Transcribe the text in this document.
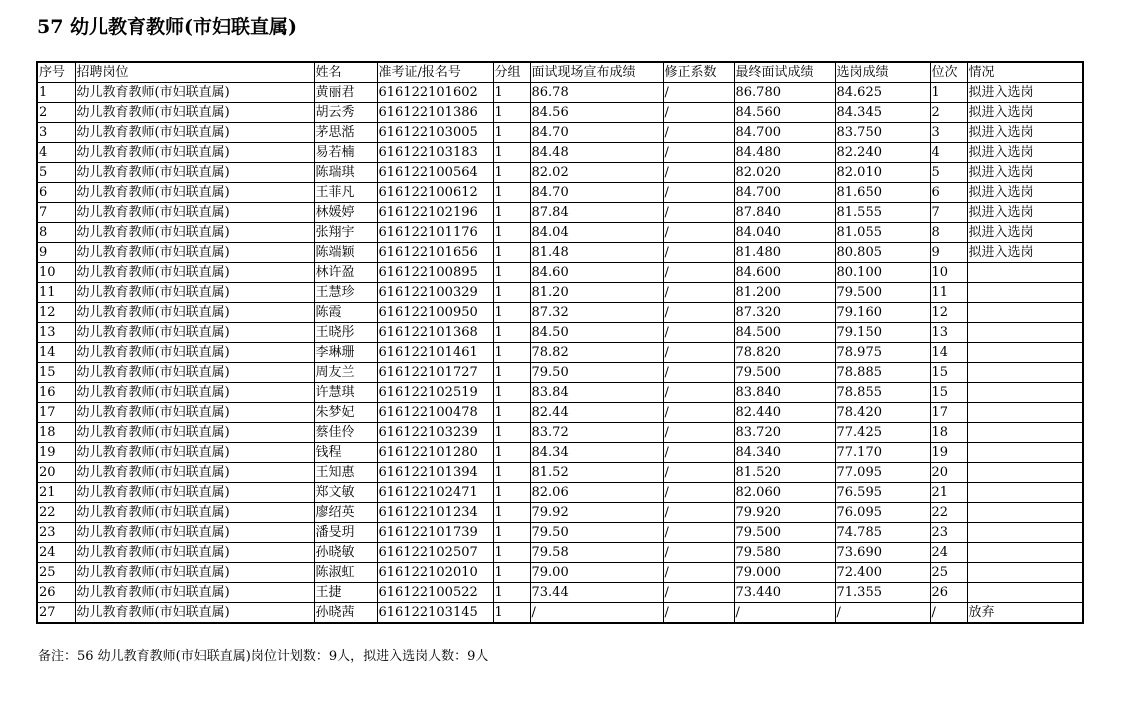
57 幼儿教育教师(市妇联直属)
序号	招聘岗位	姓名	准考证/报名号	分组	面试现场宣布成绩	修正系数	最终面试成绩	选岗成绩	位次	情况
1	幼儿教育教师(市妇联直属)	黄丽君	616122101602	1	86.78	/	86.780	84.625	1	拟进入选岗
2	幼儿教育教师(市妇联直属)	胡云秀	616122101386	1	84.56	/	84.560	84.345	2	拟进入选岗
3	幼儿教育教师(市妇联直属)	茅思湉	616122103005	1	84.70	/	84.700	83.750	3	拟进入选岗
4	幼儿教育教师(市妇联直属)	易若楠	616122103183	1	84.48	/	84.480	82.240	4	拟进入选岗
5	幼儿教育教师(市妇联直属)	陈瑞琪	616122100564	1	82.02	/	82.020	82.010	5	拟进入选岗
6	幼儿教育教师(市妇联直属)	王菲凡	616122100612	1	84.70	/	84.700	81.650	6	拟进入选岗
7	幼儿教育教师(市妇联直属)	林媛婷	616122102196	1	87.84	/	87.840	81.555	7	拟进入选岗
8	幼儿教育教师(市妇联直属)	张翔宇	616122101176	1	84.04	/	84.040	81.055	8	拟进入选岗
9	幼儿教育教师(市妇联直属)	陈端颖	616122101656	1	81.48	/	81.480	80.805	9	拟进入选岗
10	幼儿教育教师(市妇联直属)	林许盈	616122100895	1	84.60	/	84.600	80.100	10	
11	幼儿教育教师(市妇联直属)	王慧珍	616122100329	1	81.20	/	81.200	79.500	11	
12	幼儿教育教师(市妇联直属)	陈霞	616122100950	1	87.32	/	87.320	79.160	12	
13	幼儿教育教师(市妇联直属)	王晓彤	616122101368	1	84.50	/	84.500	79.150	13	
14	幼儿教育教师(市妇联直属)	李琳珊	616122101461	1	78.82	/	78.820	78.975	14	
15	幼儿教育教师(市妇联直属)	周友兰	616122101727	1	79.50	/	79.500	78.885	15	
16	幼儿教育教师(市妇联直属)	许慧琪	616122102519	1	83.84	/	83.840	78.855	15	
17	幼儿教育教师(市妇联直属)	朱梦妃	616122100478	1	82.44	/	82.440	78.420	17	
18	幼儿教育教师(市妇联直属)	蔡佳伶	616122103239	1	83.72	/	83.720	77.425	18	
19	幼儿教育教师(市妇联直属)	钱程	616122101280	1	84.34	/	84.340	77.170	19	
20	幼儿教育教师(市妇联直属)	王知惠	616122101394	1	81.52	/	81.520	77.095	20	
21	幼儿教育教师(市妇联直属)	郑文敏	616122102471	1	82.06	/	82.060	76.595	21	
22	幼儿教育教师(市妇联直属)	廖绍英	616122101234	1	79.92	/	79.920	76.095	22	
23	幼儿教育教师(市妇联直属)	潘旻玥	616122101739	1	79.50	/	79.500	74.785	23	
24	幼儿教育教师(市妇联直属)	孙晓敏	616122102507	1	79.58	/	79.580	73.690	24	
25	幼儿教育教师(市妇联直属)	陈淑虹	616122102010	1	79.00	/	79.000	72.400	25	
26	幼儿教育教师(市妇联直属)	王捷	616122100522	1	73.44	/	73.440	71.355	26	
27	幼儿教育教师(市妇联直属)	孙晓茜	616122103145	1	/	/	/	/	/	放弃
备注：56 幼儿教育教师(市妇联直属)岗位计划数：9人，拟进入选岗人数：9人
